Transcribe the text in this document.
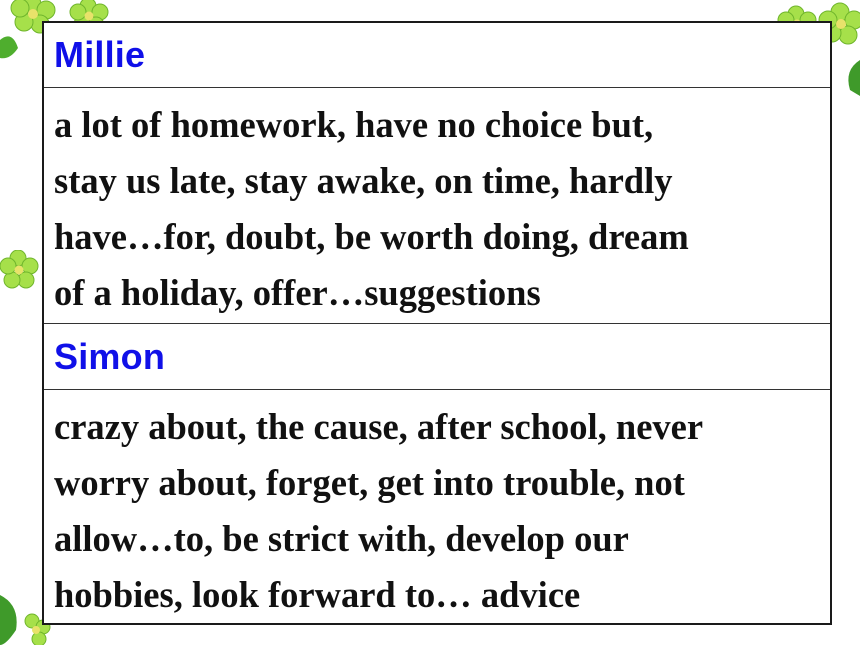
Millie
a lot of homework, have no choice but,
stay us late, stay awake, on time, hardly
have…for, doubt, be worth doing, dream
of a holiday, offer…suggestions
Simon
crazy about, the cause, after school, never
worry about, forget, get into trouble, not
allow…to, be strict with, develop our
hobbies, look forward to… advice
